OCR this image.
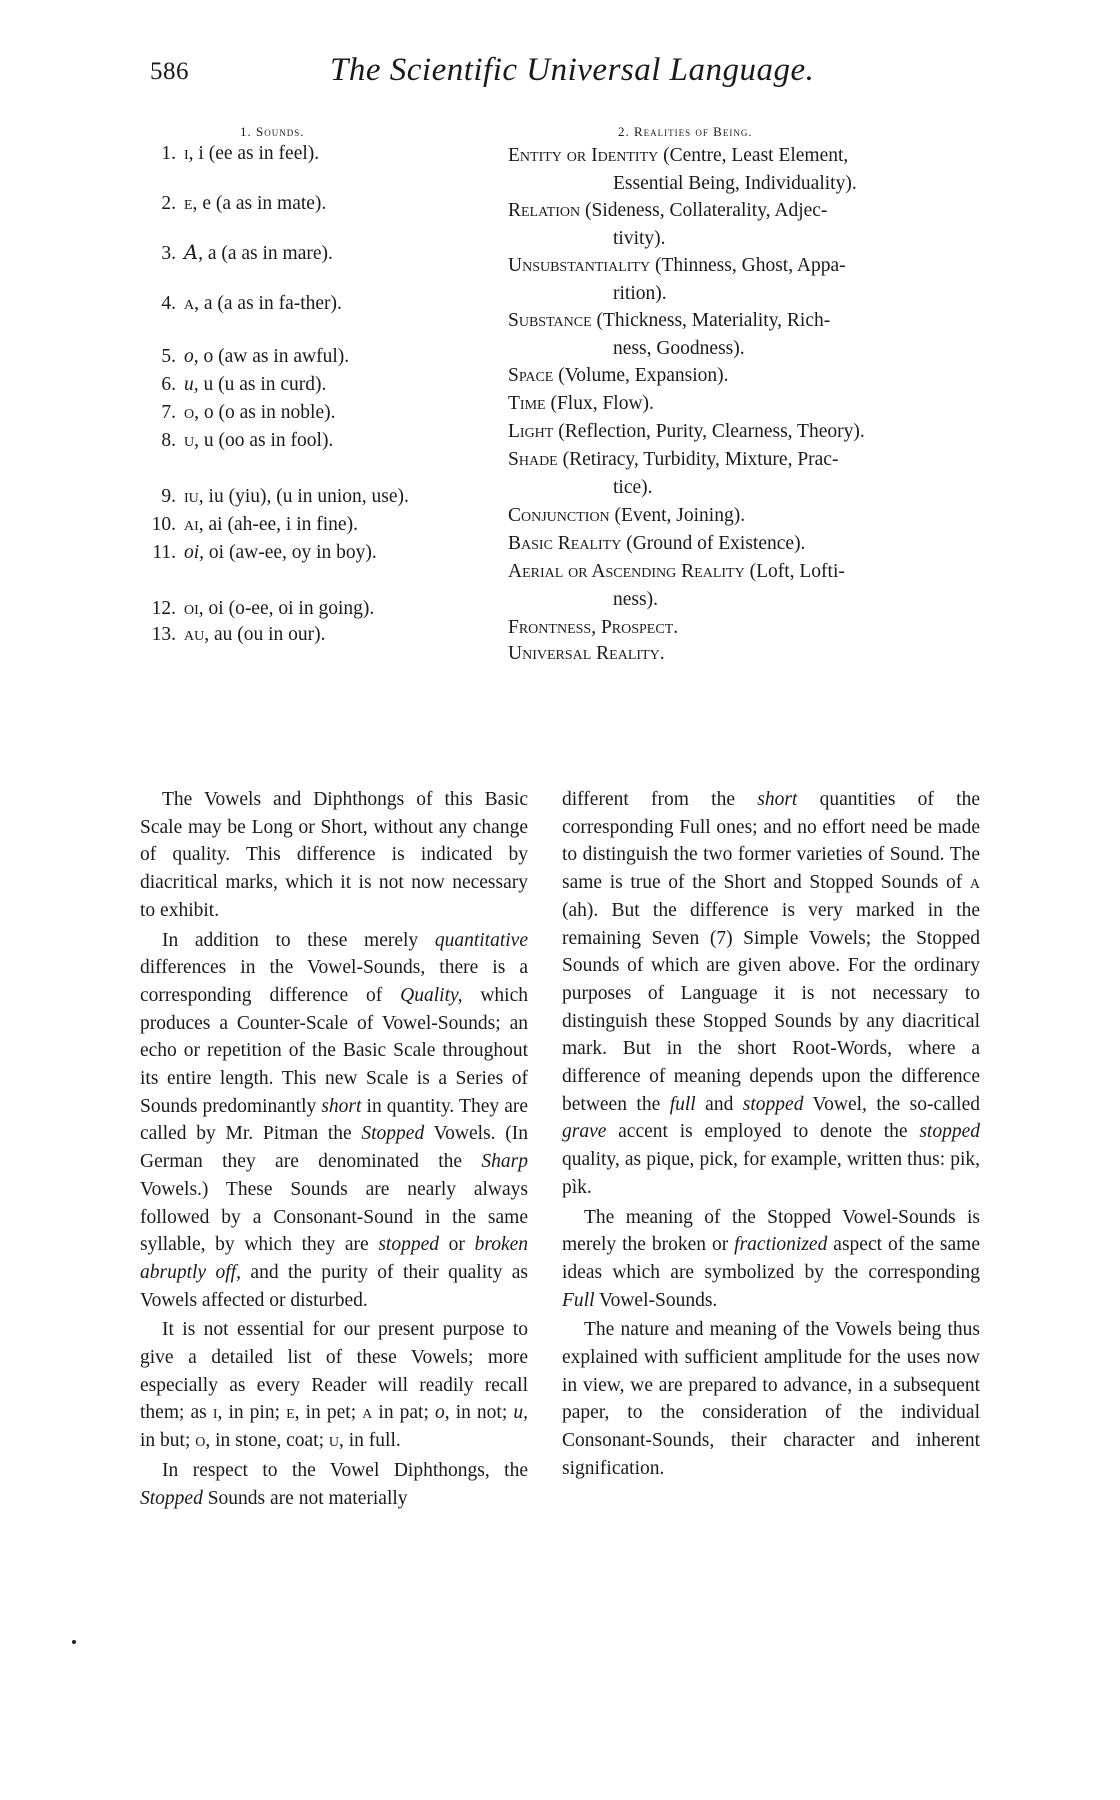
586	The Scientific Universal Language.
1. Sounds.	2. Realities of Being.
1. i, i (ee as in feel).
2. e, e (a as in mate).
3. 𝐴, a (a as in mare).
4. a, a (a as in fa-ther).
5. o, o (aw as in awful).
6. u, u (u as in curd).
7. o, o (o as in noble).
8. u, u (oo as in fool).
9. iu, iu (yiu), (u in union, use).
10. ai, ai (ah-ee, i in fine).
11. oi, oi (aw-ee, oy in boy).
12. oi, oi (o-ee, oi in going).
13. au, au (ou in our).
Entity or Identity (Centre, Least Element,
Essential Being, Individuality).
Relation (Sideness, Collaterality, Adjec-
tivity).
Unsubstantiality (Thinness, Ghost, Appa-
rition).
Substance (Thickness, Materiality, Rich-
ness, Goodness).
Space (Volume, Expansion).
Time (Flux, Flow).
Light (Reflection, Purity, Clearness, Theory).
Shade (Retiracy, Turbidity, Mixture, Prac-
tice).
Conjunction (Event, Joining).
Basic Reality (Ground of Existence).
Aerial or Ascending Reality (Loft, Lofti-
ness).
Frontness, Prospect.
Universal Reality.

The Vowels and Diphthongs of this Basic Scale may be Long or Short, without any change of quality. This difference is indicated by diacritical marks, which it is not now necessary to exhibit.

In addition to these merely quantitative differences in the Vowel-Sounds, there is a corresponding difference of Quality, which produces a Counter-Scale of Vowel-Sounds; an echo or repetition of the Basic Scale throughout its entire length. This new Scale is a Series of Sounds predominantly short in quantity. They are called by Mr. Pitman the Stopped Vowels. (In German they are denominated the Sharp Vowels.) These Sounds are nearly always followed by a Consonant-Sound in the same syllable, by which they are stopped or broken abruptly off, and the purity of their quality as Vowels affected or disturbed.

It is not essential for our present purpose to give a detailed list of these Vowels; more especially as every Reader will readily recall them; as i, in pin; e, in pet; a in pat; o, in not; u, in but; o, in stone, coat; u, in full.

In respect to the Vowel Diphthongs, the Stopped Sounds are not materially

different from the short quantities of the corresponding Full ones; and no effort need be made to distinguish the two former varieties of Sound. The same is true of the Short and Stopped Sounds of a (ah). But the difference is very marked in the remaining Seven (7) Simple Vowels; the Stopped Sounds of which are given above. For the ordinary purposes of Language it is not necessary to distinguish these Stopped Sounds by any diacritical mark. But in the short Root-Words, where a difference of meaning depends upon the difference between the full and stopped Vowel, the so-called grave accent is employed to denote the stopped quality, as pique, pick, for example, written thus: pik, pìk.

The meaning of the Stopped Vowel-Sounds is merely the broken or fractionized aspect of the same ideas which are symbolized by the corresponding Full Vowel-Sounds.

The nature and meaning of the Vowels being thus explained with sufficient amplitude for the uses now in view, we are prepared to advance, in a subsequent paper, to the consideration of the individual Consonant-Sounds, their character and inherent signification.
